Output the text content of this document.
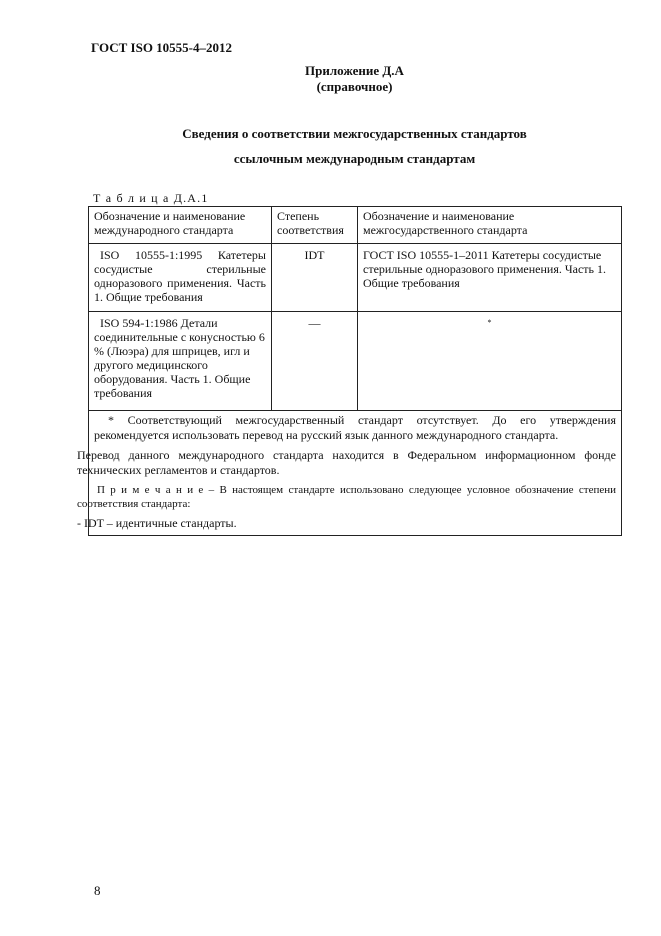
ГОСТ ISO 10555-4–2012
Приложение Д.А
(справочное)
Сведения о соответствии межгосударственных стандартов
ссылочным международным стандартам
Т а б л и ц а Д.А.1
Обозначение и наименование международного стандарта	Степень соответствия	Обозначение и наименование межгосударственного стандарта
ISO 10555-1:1995 Катетеры сосудистые стерильные одноразового применения. Часть 1. Общие требования	IDT	ГОСТ ISO 10555-1–2011 Катетеры сосудистые стерильные одноразового применения. Часть 1. Общие требования
ISO 594-1:1986 Детали соединительные с конусностью 6 % (Люэра) для шприцев, игл и другого медицинского оборудования. Часть 1. Общие требования	—	*

* Соответствующий межгосударственный стандарт отсутствует. До его утверждения рекомендуется использовать перевод на русский язык данного международного стандарта.

Перевод данного международного стандарта находится в Федеральном информационном фонде технических регламентов и стандартов.

П р и м е ч а н и е – В настоящем стандарте использовано следующее условное обозначение степени соответствия стандарта:

- IDT – идентичные стандарты.		

8
